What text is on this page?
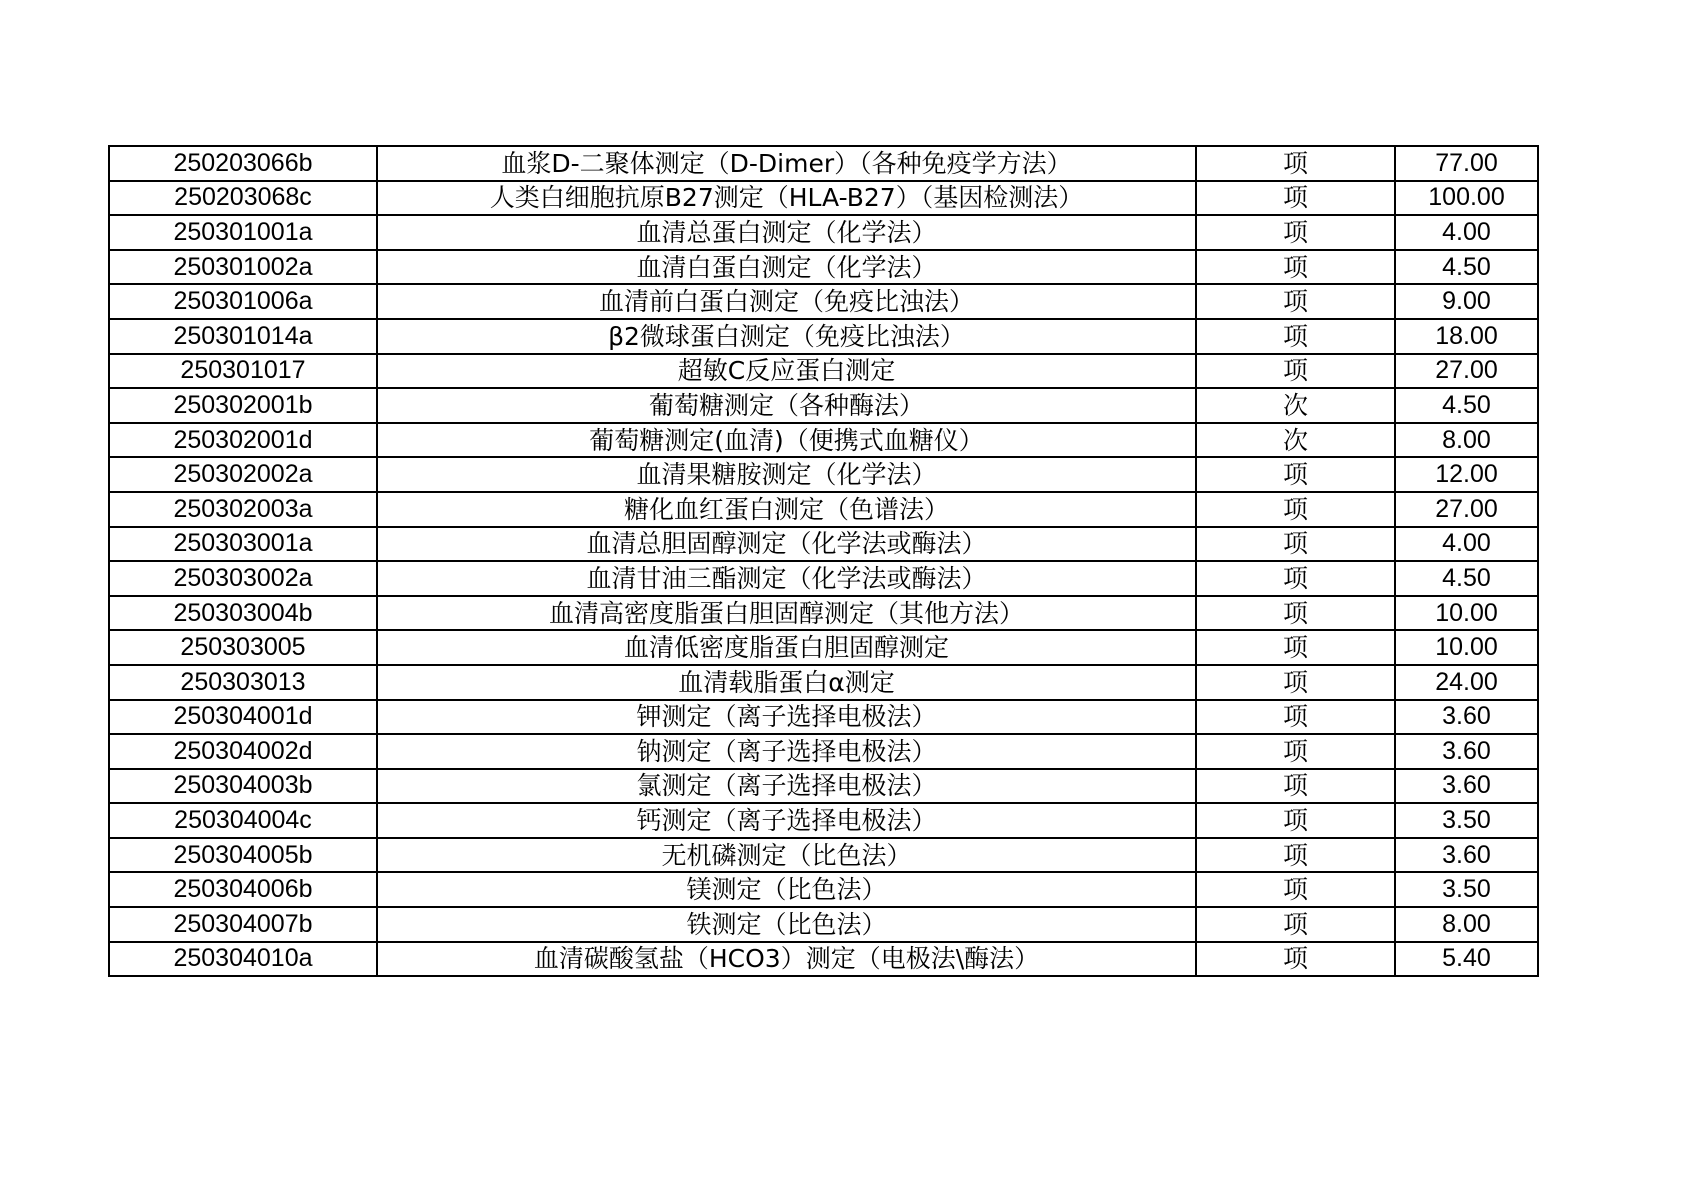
250203066b	血浆D-二聚体测定（D-Dimer）（各种免疫学方法）	项	77.00
250203068c	人类白细胞抗原B27测定（HLA-B27）（基因检测法）	项	100.00
250301001a	血清总蛋白测定（化学法）	项	4.00
250301002a	血清白蛋白测定（化学法）	项	4.50
250301006a	血清前白蛋白测定（免疫比浊法）	项	9.00
250301014a	β2微球蛋白测定（免疫比浊法）	项	18.00
250301017	超敏C反应蛋白测定	项	27.00
250302001b	葡萄糖测定（各种酶法）	次	4.50
250302001d	葡萄糖测定(血清)（便携式血糖仪）	次	8.00
250302002a	血清果糖胺测定（化学法）	项	12.00
250302003a	糖化血红蛋白测定（色谱法）	项	27.00
250303001a	血清总胆固醇测定（化学法或酶法）	项	4.00
250303002a	血清甘油三酯测定（化学法或酶法）	项	4.50
250303004b	血清高密度脂蛋白胆固醇测定（其他方法）	项	10.00
250303005	血清低密度脂蛋白胆固醇测定	项	10.00
250303013	血清载脂蛋白α测定	项	24.00
250304001d	钾测定（离子选择电极法）	项	3.60
250304002d	钠测定（离子选择电极法）	项	3.60
250304003b	氯测定（离子选择电极法）	项	3.60
250304004c	钙测定（离子选择电极法）	项	3.50
250304005b	无机磷测定（比色法）	项	3.60
250304006b	镁测定（比色法）	项	3.50
250304007b	铁测定（比色法）	项	8.00
250304010a	血清碳酸氢盐（HCO3）测定（电极法\酶法）	项	5.40
